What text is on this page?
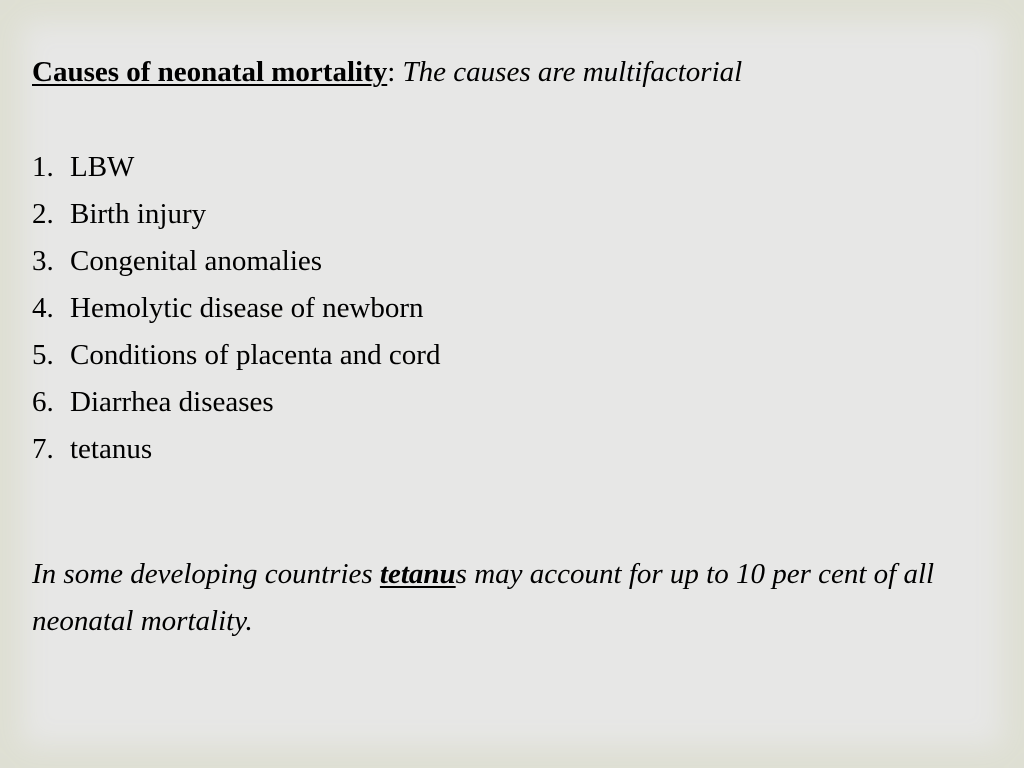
Causes of neonatal mortality: The causes are multifactorial
1. LBW
2. Birth injury
3. Congenital anomalies
4. Hemolytic disease of newborn
5. Conditions of placenta and cord
6. Diarrhea diseases
7. tetanus

In some developing countries tetanus may account for up to 10 per cent of all neonatal mortality.
